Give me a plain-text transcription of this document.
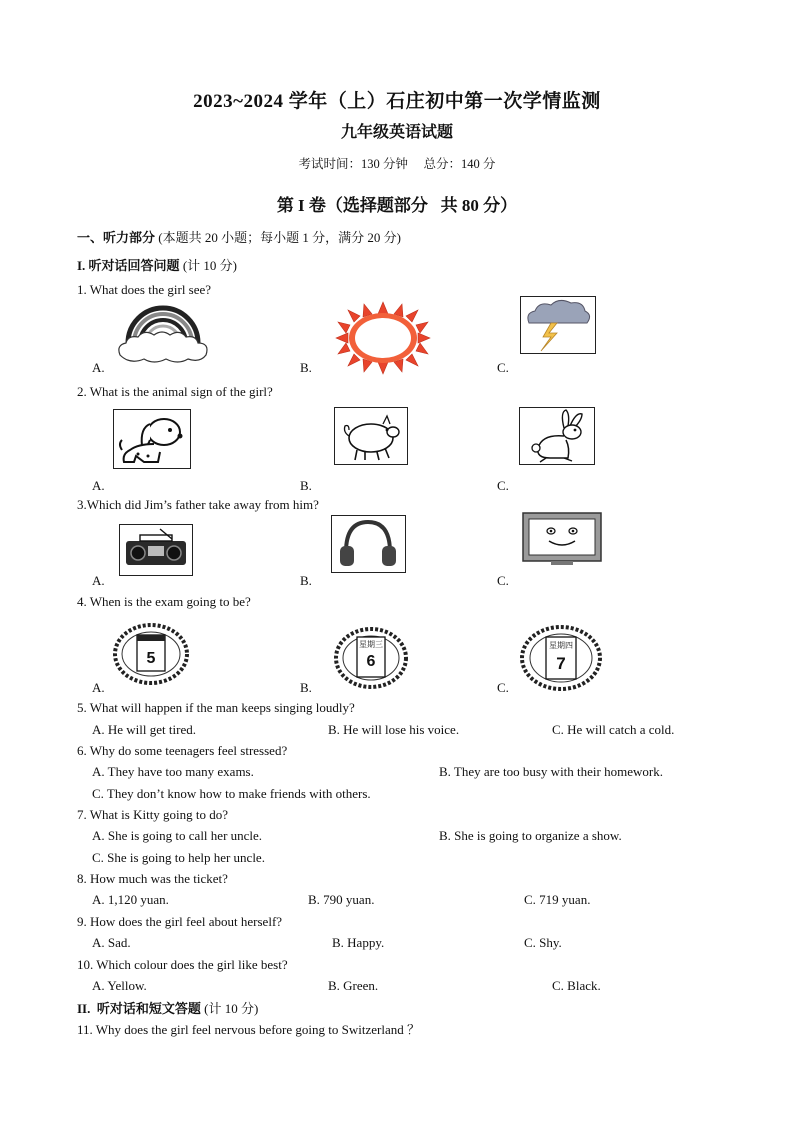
2023~2024 学年（上）石庄初中第一次学情监测
九年级英语试题
考试时间：130 分钟     总分：140 分
第 I 卷（选择题部分   共 80 分）
一、听力部分 (本题共 20 小题；每小题 1 分，满分 20 分)
I. 听对话回答问题 (计 10 分)
1. What does the girl see?
A.	B.	C.
2. What is the animal sign of the girl?
A.	B.	C.
3.Which did Jim’s father take away from him?
A.	B.	C.
4. When is the exam going to be?
5
A.
星期三
6
B.
星期四
7
C.
5. What will happen if the man keeps singing loudly?
A. He will get tired.	B. He will lose his voice.	C. He will catch a cold.
6. Why do some teenagers feel stressed?
A. They have too many exams.	B. They are too busy with their homework.
C. They don’t know how to make friends with others.
7. What is Kitty going to do?
A. She is going to call her uncle.	B. She is going to organize a show.
C. She is going to help her uncle.
8. How much was the ticket?
A. 1,120 yuan.	B. 790 yuan.	C. 719 yuan.
9. How does the girl feel about herself?
A. Sad.	B. Happy.	C. Shy.
10. Which colour does the girl like best?
A. Yellow.	B. Green.	C. Black.
II.  听对话和短文答题 (计 10 分)
11. Why does the girl feel nervous before going to Switzerland ？
